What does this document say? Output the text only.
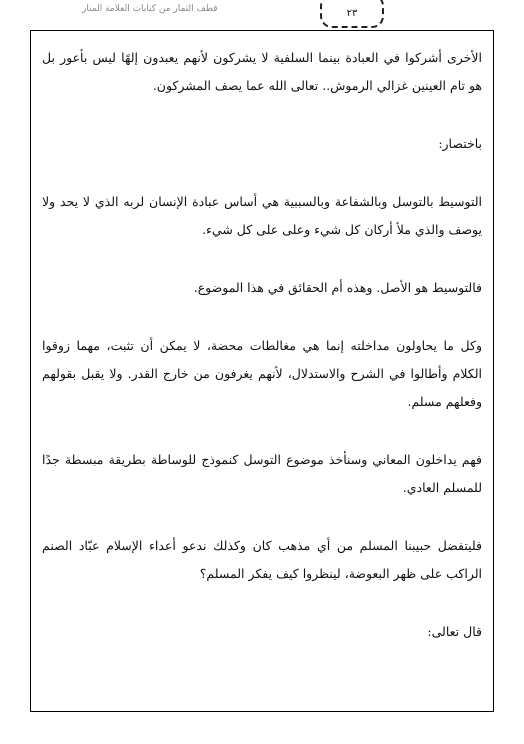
قطف الثمار من كتابات العلامة المنار	٢٣

الأخرى أشركوا في العبادة بينما السلفية لا يشركون لأنهم يعبدون إلهًا ليس بأعور بل هو تام العينين غزالي الرموش.. تعالى الله عما يصف المشركون.

باختصار:

التوسيط بالتوسل وبالشفاعة وبالسببية هي أساس عبادة الإنسان لربه الذي لا يحد ولا يوصف والذي ملأ أركان كل شيء وعلى على كل شيء.

فالتوسيط هو الأصل. وهذه أم الحقائق في هذا الموضوع.

وكل ما يحاولون مداخلته إنما هي مغالطات محضة، لا يمكن أن تثبت، مهما زوقوا الكلام وأطالوا في الشرح والاستدلال، لأنهم يغرفون من خارج القدر. ولا يقبل بقولهم وفعلهم مسلم.

فهم يداخلون المعاني وسنأخذ موضوع التوسل كنموذج للوساطة بطريقة مبسطة جدًا للمسلم العادي.

فليتفضل حبيبنا المسلم من أي مذهب كان وكذلك ندعو أعداء الإسلام عبّاد الصنم الراكب على ظهر البعوضة، لينظروا كيف يفكر المسلم؟

قال تعالى:
